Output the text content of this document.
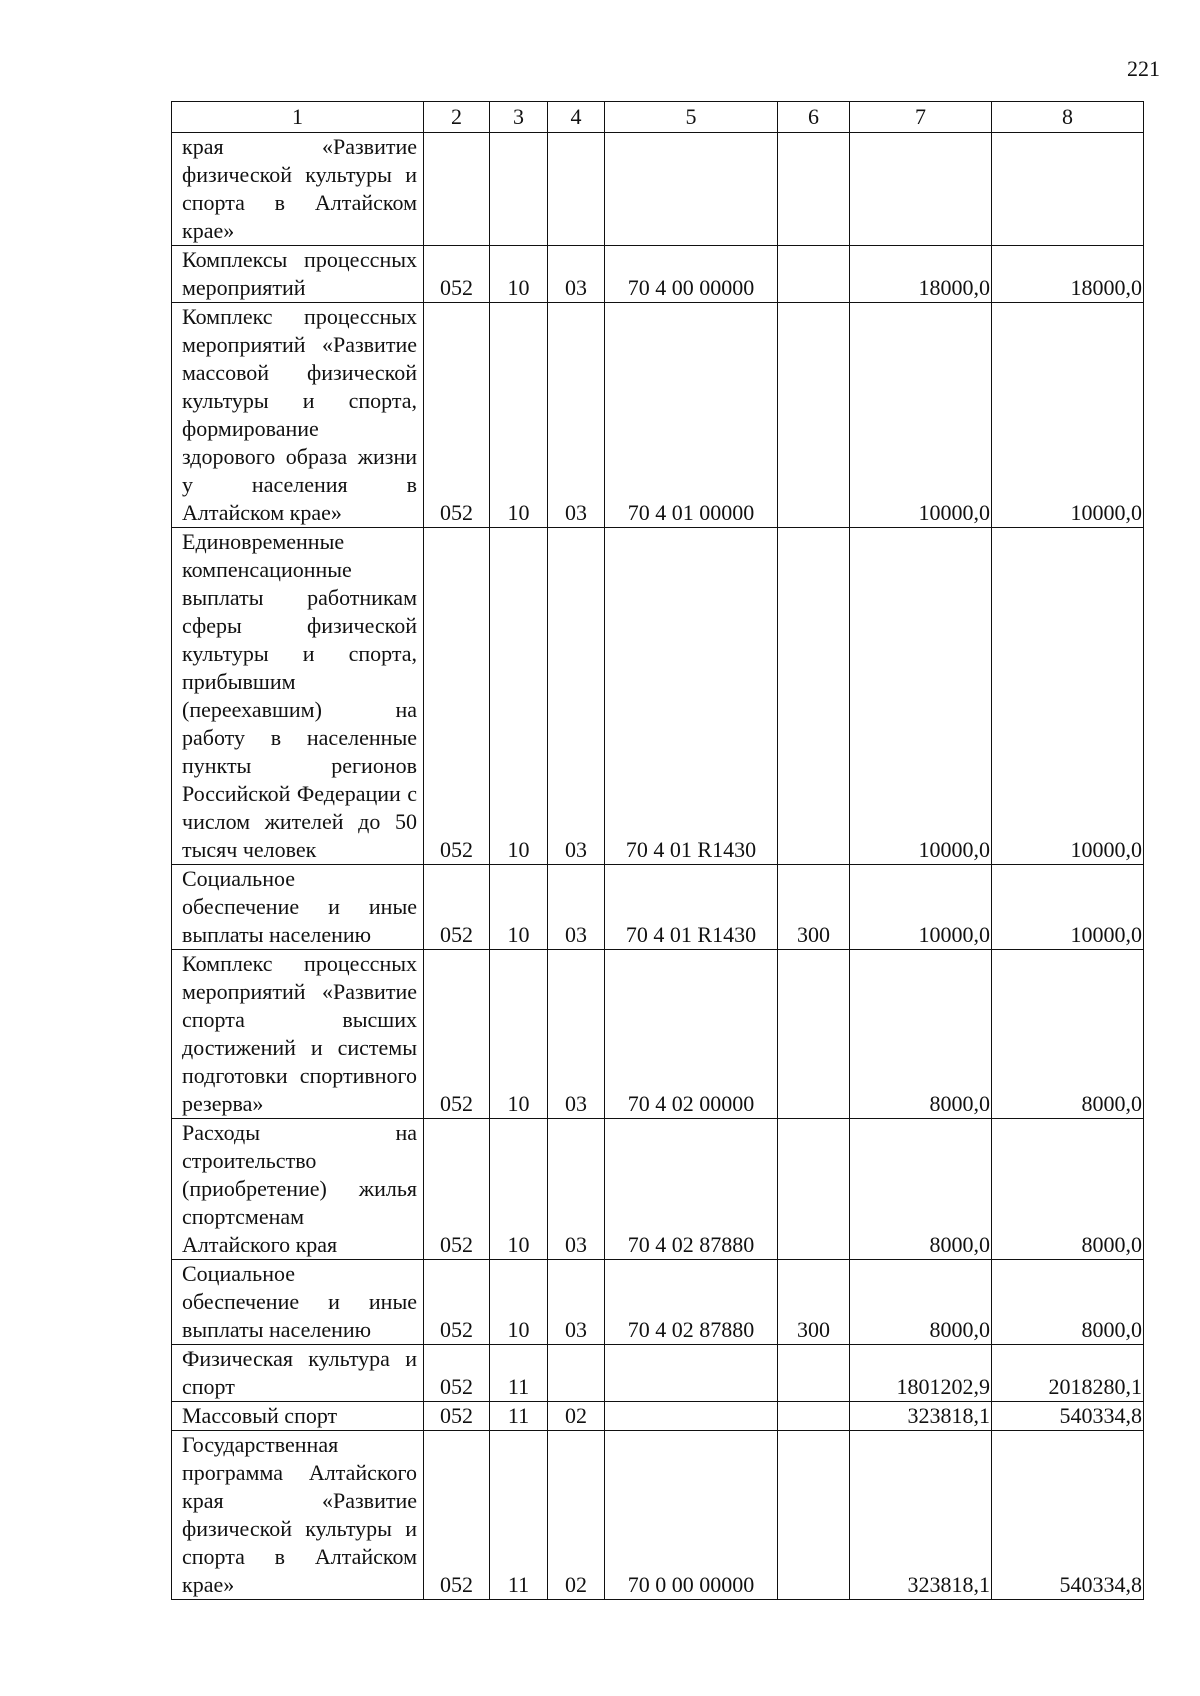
221
1	2	3	4	5	6	7	8
края «Развитие физической культуры и спорта в Алтайском крае»							
Комплексы процессных мероприятий	052	10	03	70 4 00 00000		18000,0	18000,0
Комплекс процессных мероприятий «Развитие массовой физической культуры и спорта, формирование здорового образа жизни у населения в Алтайском крае»	052	10	03	70 4 01 00000		10000,0	10000,0
Единовременные компенсационные выплаты работникам сферы физической культуры и спорта, прибывшим (переехавшим) на работу в населенные пункты регионов Российской Федерации с числом жителей до 50 тысяч человек	052	10	03	70 4 01 R1430		10000,0	10000,0
Социальное обеспечение и иные выплаты населению	052	10	03	70 4 01 R1430	300	10000,0	10000,0
Комплекс процессных мероприятий «Развитие спорта высших достижений и системы подготовки спортивного резерва»	052	10	03	70 4 02 00000		8000,0	8000,0
Расходы на строительство (приобретение) жилья спортсменам Алтайского края	052	10	03	70 4 02 87880		8000,0	8000,0
Социальное обеспечение и иные выплаты населению	052	10	03	70 4 02 87880	300	8000,0	8000,0
Физическая культура и спорт	052	11				1801202,9	2018280,1
Массовый спорт	052	11	02			323818,1	540334,8
Государственная программа Алтайского края «Развитие физической культуры и спорта в Алтайском крае»	052	11	02	70 0 00 00000		323818,1	540334,8
